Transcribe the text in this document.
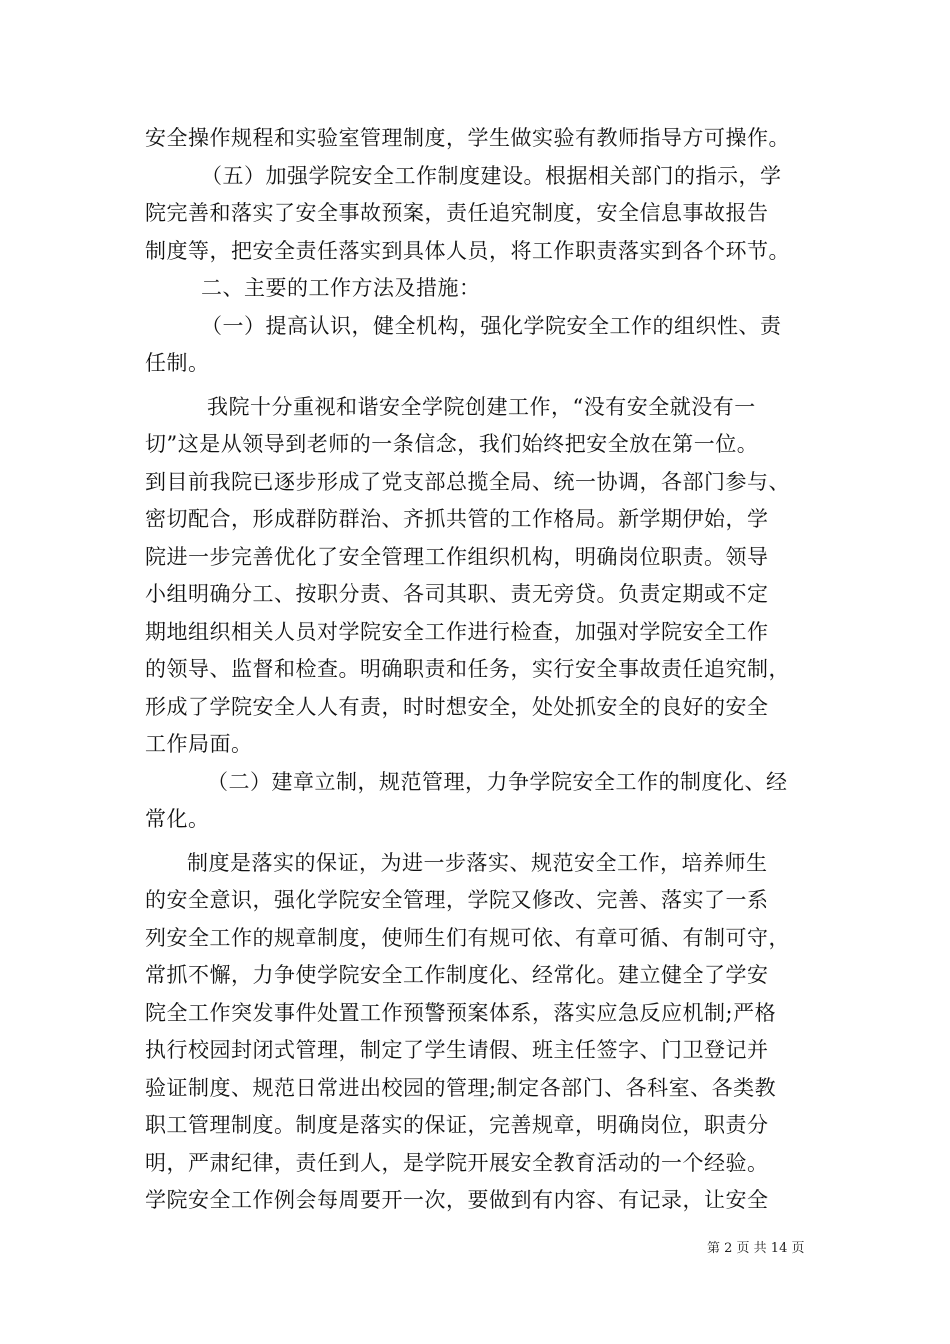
安全操作规程和实验室管理制度，学生做实验有教师指导方可操作。
（五）加强学院安全工作制度建设。根据相关部门的指示，学
院完善和落实了安全事故预案，责任追究制度，安全信息事故报告
制度等，把安全责任落实到具体人员，将工作职责落实到各个环节。
二、主要的工作方法及措施：
（一）提高认识，健全机构，强化学院安全工作的组织性、责
任制。
我院十分重视和谐安全学院创建工作，“没有安全就没有一
切”这是从领导到老师的一条信念，我们始终把安全放在第一位。
到目前我院已逐步形成了党支部总揽全局、统一协调，各部门参与、
密切配合，形成群防群治、齐抓共管的工作格局。新学期伊始，学
院进一步完善优化了安全管理工作组织机构，明确岗位职责。领导
小组明确分工、按职分责、各司其职、责无旁贷。负责定期或不定
期地组织相关人员对学院安全工作进行检查，加强对学院安全工作
的领导、监督和检查。明确职责和任务，实行安全事故责任追究制，
形成了学院安全人人有责，时时想安全，处处抓安全的良好的安全
工作局面。
（二）建章立制，规范管理，力争学院安全工作的制度化、经
常化。
制度是落实的保证，为进一步落实、规范安全工作，培养师生
的安全意识，强化学院安全管理，学院又修改、完善、落实了一系
列安全工作的规章制度，使师生们有规可依、有章可循、有制可守，
常抓不懈，力争使学院安全工作制度化、经常化。建立健全了学安
院全工作突发事件处置工作预警预案体系，落实应急反应机制;严格
执行校园封闭式管理，制定了学生请假、班主任签字、门卫登记并
验证制度、规范日常进出校园的管理;制定各部门、各科室、各类教
职工管理制度。制度是落实的保证，完善规章，明确岗位，职责分
明，严肃纪律，责任到人，是学院开展安全教育活动的一个经验。
学院安全工作例会每周要开一次，要做到有内容、有记录，让安全
第 2 页 共 14 页
